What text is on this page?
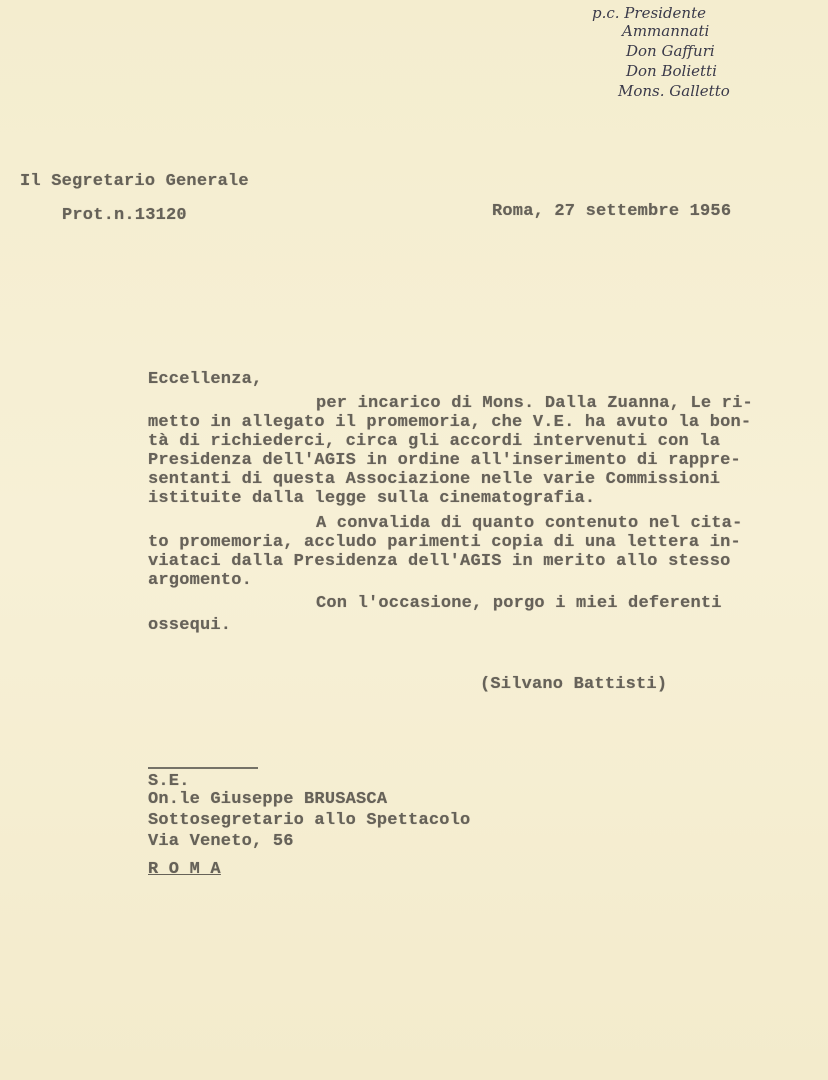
p.c. Presidente
Ammannati
Don Gaffuri
Don Bolietti
Mons. Galletto
Il Segretario Generale
Prot.n.13120	Roma, 27 settembre 1956
Eccellenza,
per incarico di Mons. Dalla Zuanna, Le ri-
metto in allegato il promemoria, che V.E. ha avuto la bon-
tà di richiederci, circa gli accordi intervenuti con la
Presidenza dell'AGIS in ordine all'inserimento di rappre-
sentanti di questa Associazione nelle varie Commissioni
istituite dalla legge sulla cinematografia.
A convalida di quanto contenuto nel cita-
to promemoria, accludo parimenti copia di una lettera in-
viataci dalla Presidenza dell'AGIS in merito allo stesso
argomento.
Con l'occasione, porgo i miei deferenti
ossequi.
(Silvano Battisti)
S.E.
On.le Giuseppe BRUSASCA
Sottosegretario allo Spettacolo
Via Veneto, 56
R O M A
